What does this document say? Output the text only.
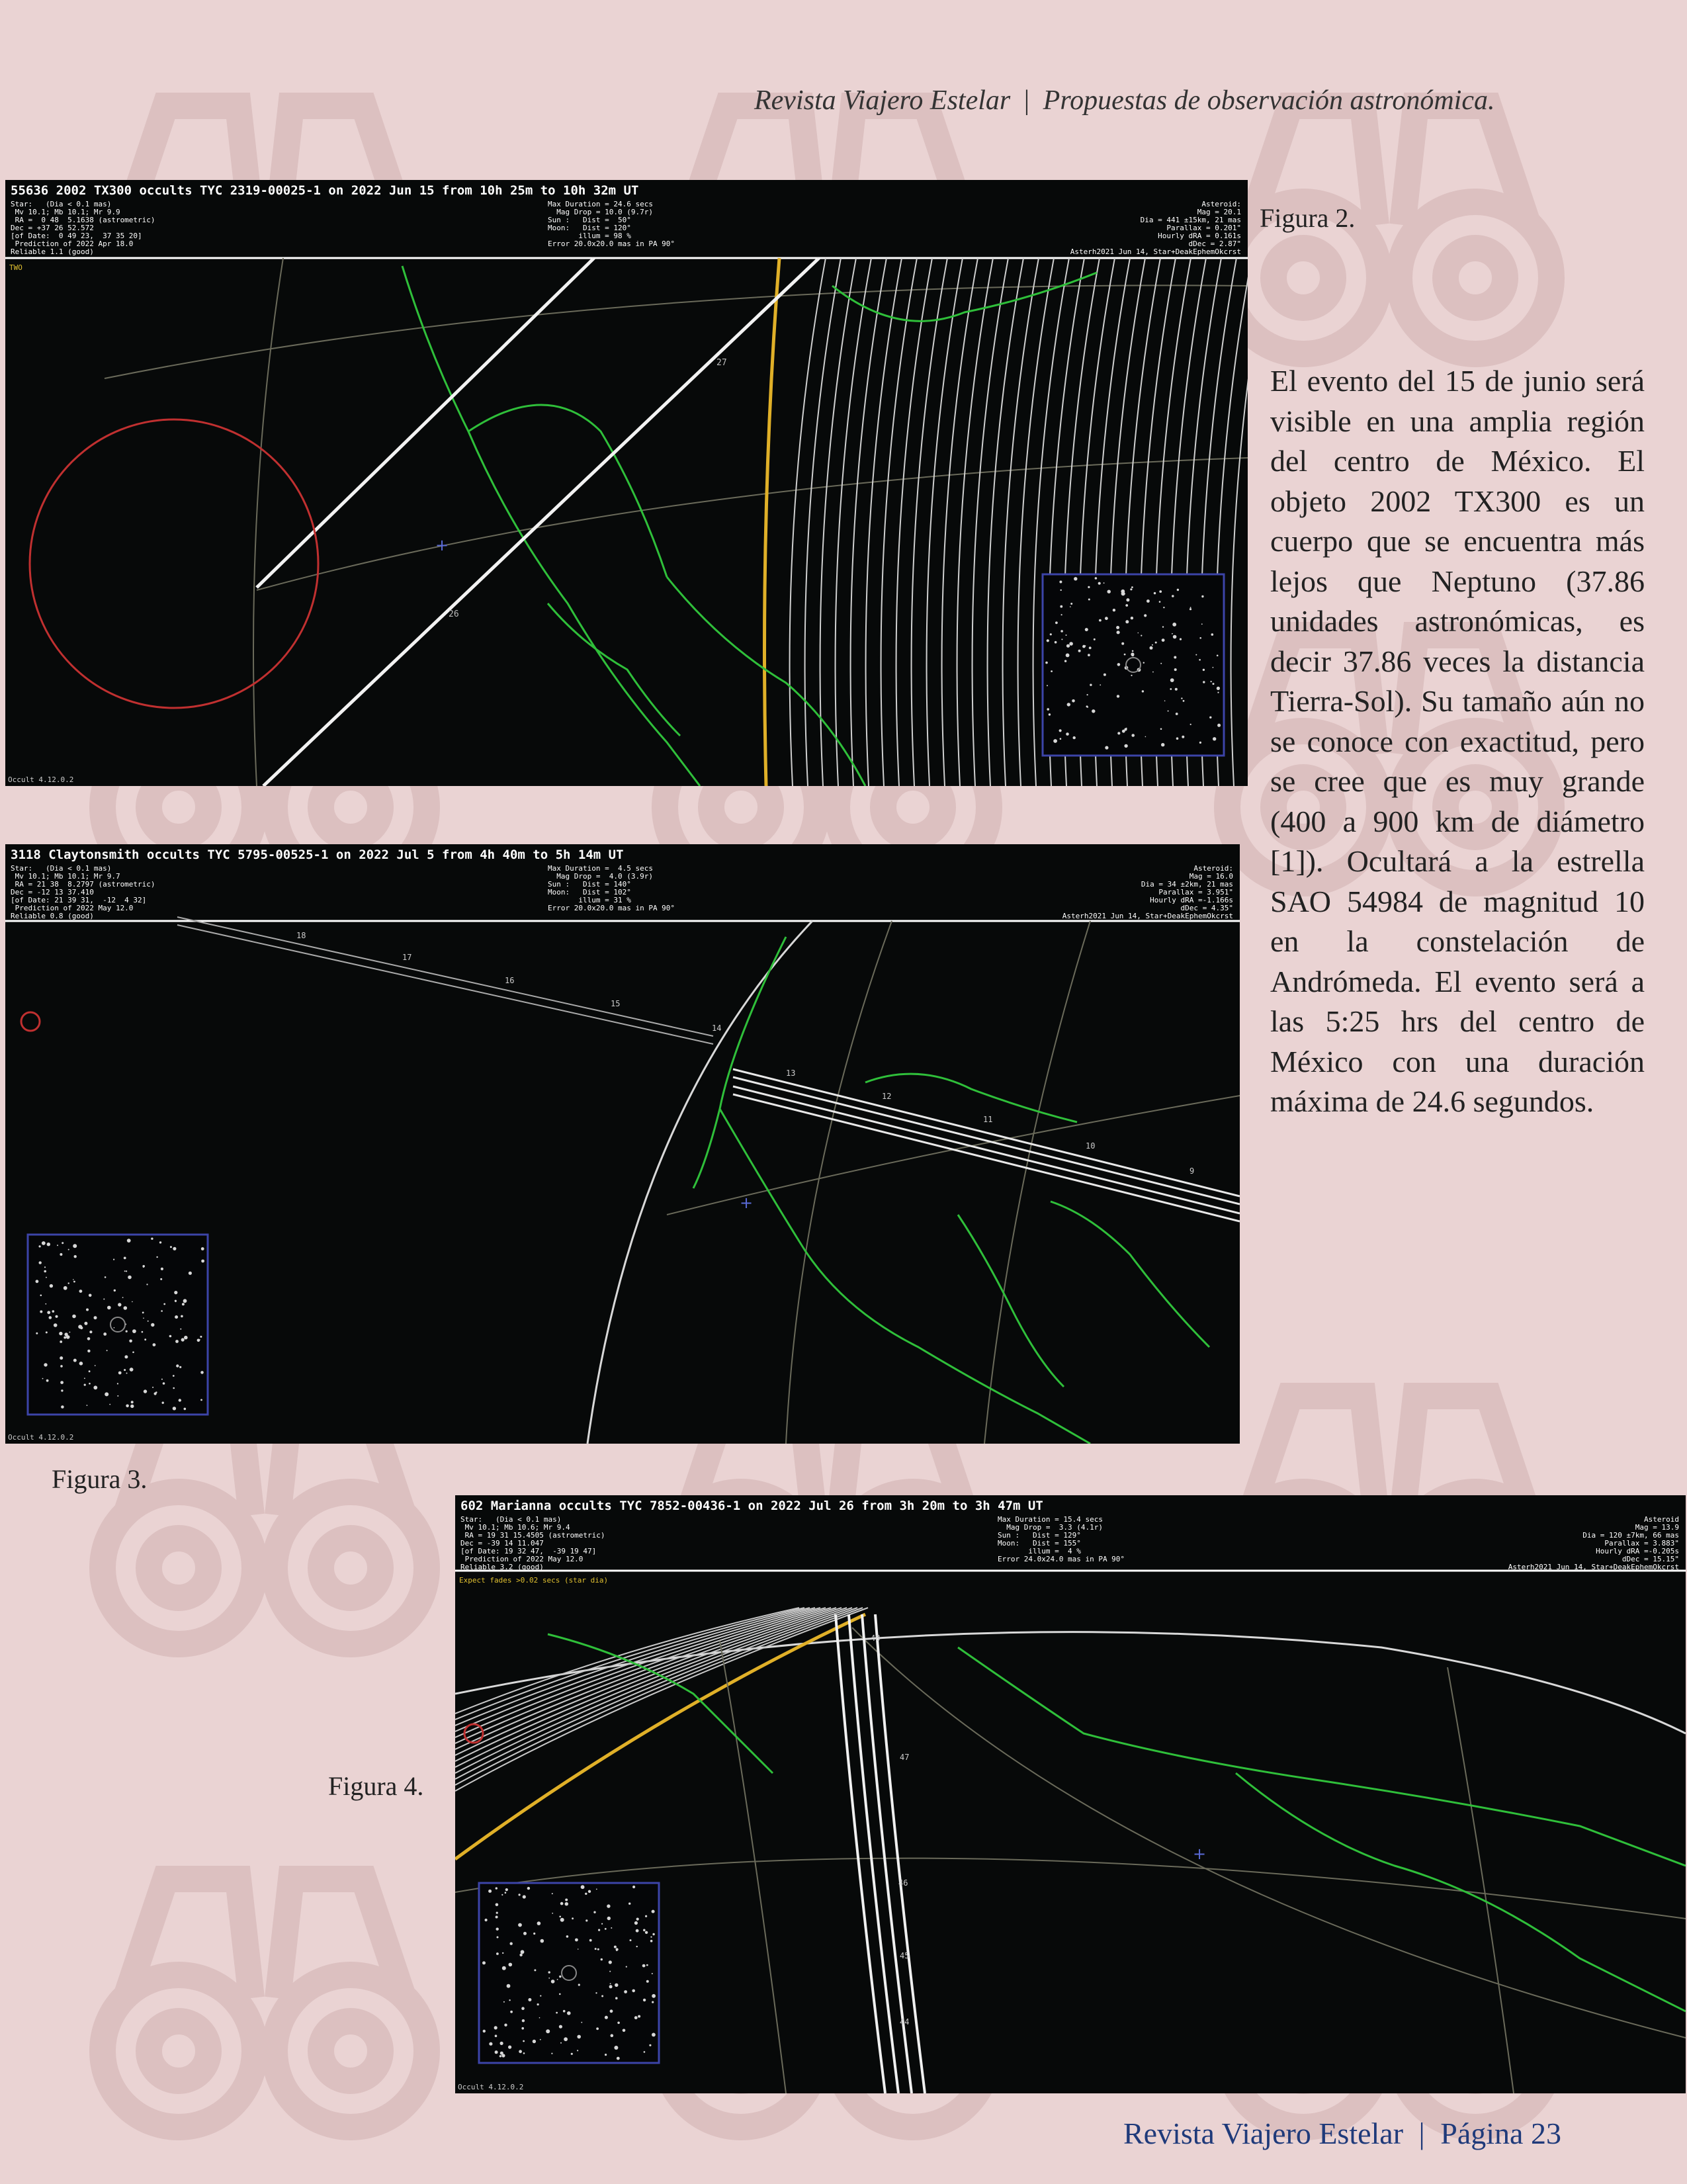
Revista Viajero Estelar | Propuestas de observación astronómica.
55636 2002 TX300 occults TYC 2319-00025-1 on 2022 Jun 15 from 10h 25m to 10h 32m UT
Star:   (Dia < 0.1 mas)
Mv 10.1; Mb 10.1; Mr 9.9
RA =  0 48  5.1638 (astrometric)
Dec = +37 26 52.572
[of Date:  0 49 23,  37 35 20]
Prediction of 2022 Apr 18.0
Reliable 1.1 (good)
Max Duration = 24.6 secs
Mag Drop = 10.0 (9.7r)
Sun :   Dist =  50°
Moon:   Dist = 120°
illum = 98 %
Error 20.0x20.0 mas in PA 90°
Asteroid:
Mag = 20.1
Dia = 441 ±15km, 21 mas
Parallax = 0.201"
Hourly dRA = 0.161s
dDec = 2.87"
Asterh2021 Jun 14, Star+DeakEphemOkcrst
TWO
27
26
+
Occult 4.12.0.2
Figura 2.
3118 Claytonsmith occults TYC 5795-00525-1 on 2022 Jul 5 from 4h 40m to 5h 14m UT
Star:   (Dia < 0.1 mas)
Mv 10.1; Mb 10.1; Mr 9.7
RA = 21 38  8.2797 (astrometric)
Dec = -12 13 37.410
[of Date: 21 39 31,  -12  4 32]
Prediction of 2022 May 12.0
Reliable 0.8 (good)
Max Duration =  4.5 secs
Mag Drop =  4.0 (3.9r)
Sun :   Dist = 140°
Moon:   Dist = 102°
illum = 31 %
Error 20.0x20.0 mas in PA 90°
Asteroid:
Mag = 16.0
Dia = 34 ±2km, 21 mas
Parallax = 3.951"
Hourly dRA =-1.166s
dDec = 4.35"
Asterh2021 Jun 14, Star+DeakEphemOkcrst
18
17
16
15
14
13
12
11
10
9
+
Occult 4.12.0.2
Figura 3.
602 Marianna occults TYC 7852-00436-1 on 2022 Jul 26 from 3h 20m to 3h 47m UT
Star:   (Dia < 0.1 mas)
Mv 10.1; Mb 10.6; Mr 9.4
RA = 19 31 15.4505 (astrometric)
Dec = -39 14 11.047
[of Date: 19 32 47,  -39 19 47]
Prediction of 2022 May 12.0
Reliable 3.2 (good)
Max Duration = 15.4 secs
Mag Drop =  3.3 (4.1r)
Sun :   Dist = 129°
Moon:   Dist = 155°
illum =  4 %
Error 24.0x24.0 mas in PA 90°
Asteroid
Mag = 13.9
Dia = 120 ±7km, 66 mas
Parallax = 3.883"
Hourly dRA =-0.205s
dDec = 15.15"
Asterh2021 Jun 14, Star+DeakEphemOkcrst
Expect fades >0.02 secs (star dia)
44
45
46
47
48
+
Occult 4.12.0.2
Figura 4.

El evento del 15 de junio será visible en una amplia región del centro de México. El objeto 2002 TX300 es un cuerpo que se encuentra más lejos que Neptuno (37.86 unidades astronómicas, es decir 37.86 veces la distancia Tierra-Sol). Su tamaño aún no se conoce con exactitud, pero se cree que es muy grande (400 a 900 km de diámetro [1]). Ocultará a la estrella SAO 54984 de magnitud 10 en la constelación de Andrómeda. El evento será a las 5:25 hrs del centro de México con una duración máxima de 24.6 segundos.

Revista Viajero Estelar | Página 23
